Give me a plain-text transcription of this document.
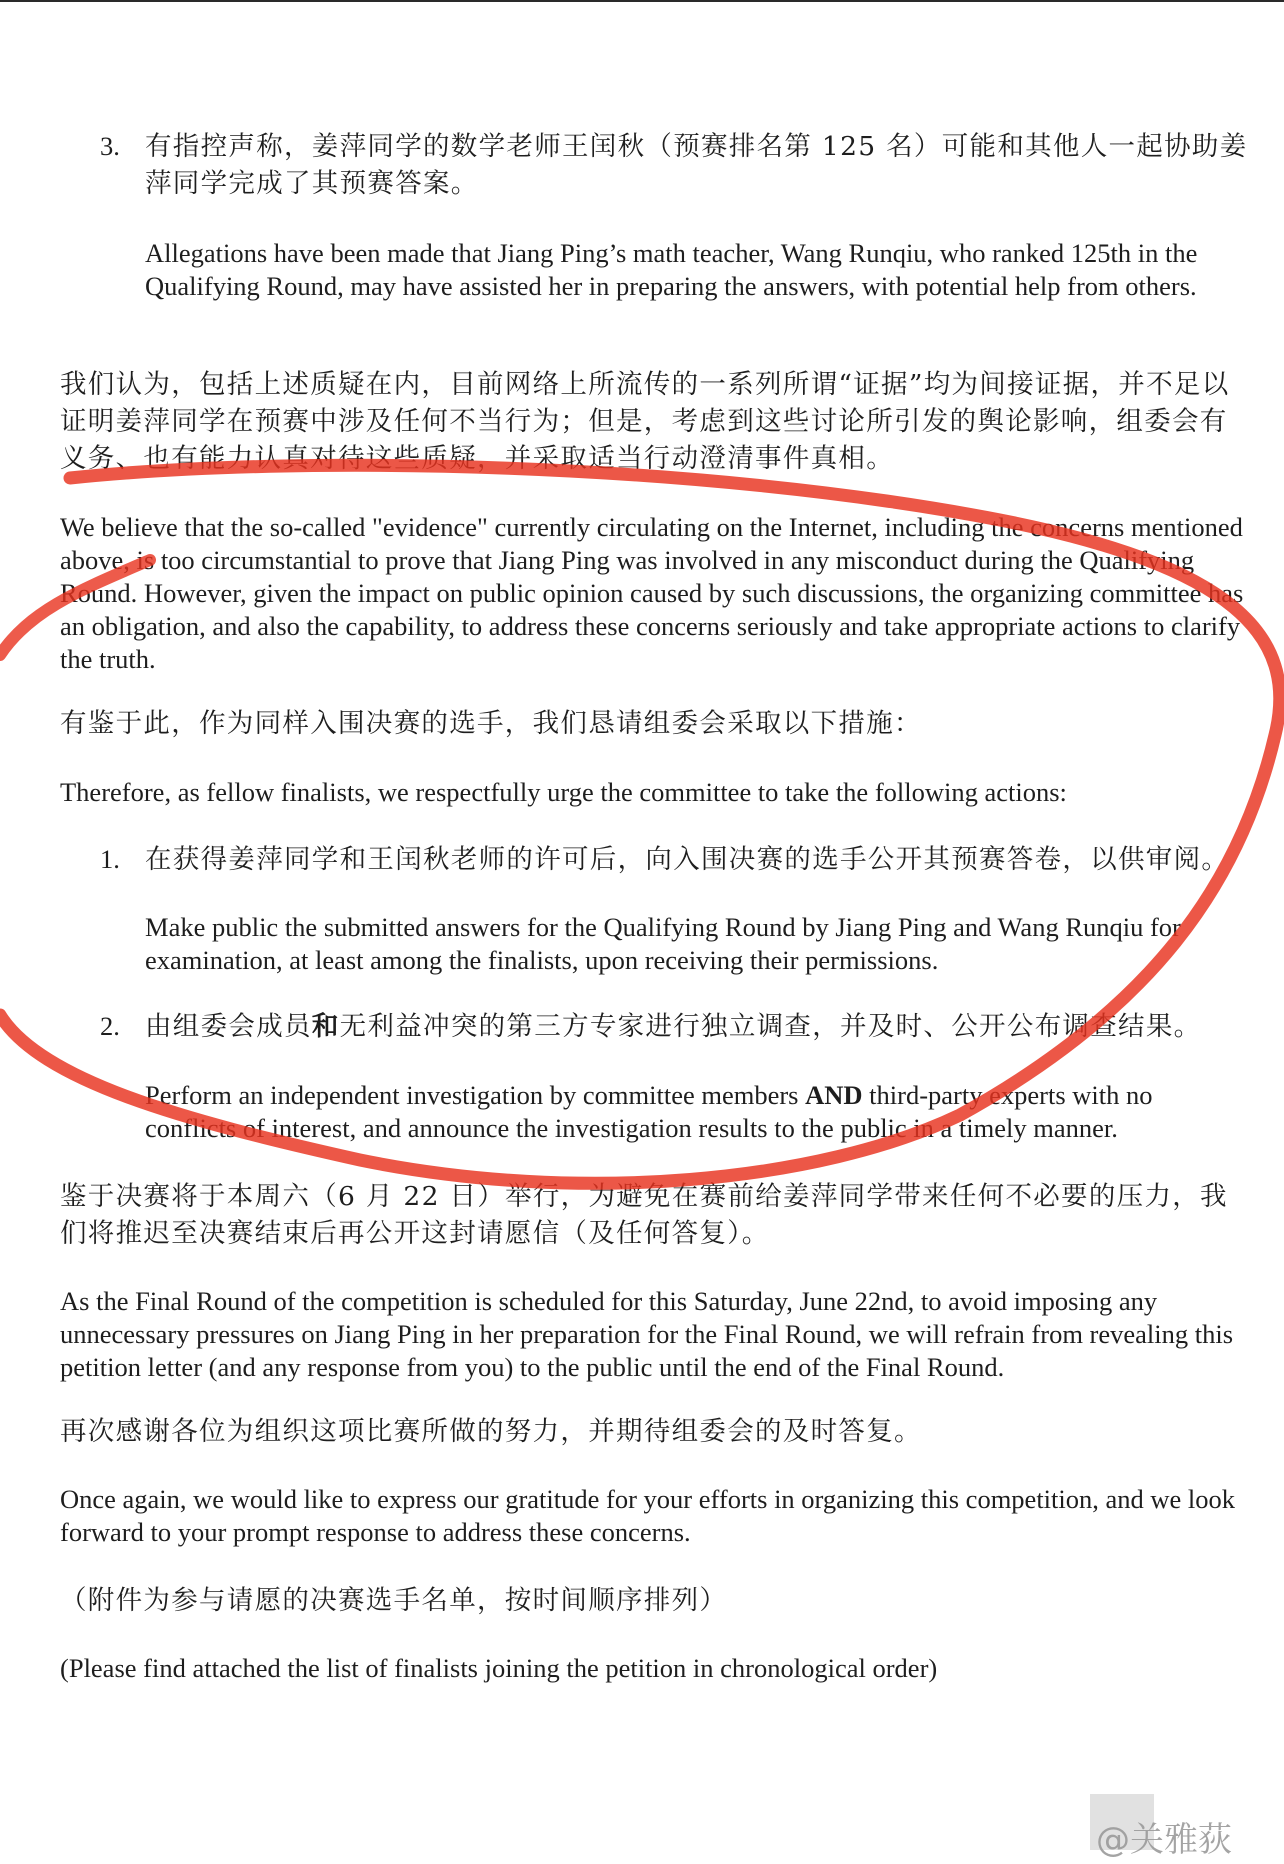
3. 有指控声称，姜萍同学的数学老师王闰秋（预赛排名第 125 名）可能和其他人一起协助姜萍同学完成了其预赛答案。

Allegations have been made that Jiang Ping’s math teacher, Wang Runqiu, who ranked 125th in the Qualifying Round, may have assisted her in preparing the answers, with potential help from others.

我们认为，包括上述质疑在内，目前网络上所流传的一系列所谓“证据”均为间接证据，并不足以证明姜萍同学在预赛中涉及任何不当行为；但是，考虑到这些讨论所引发的舆论影响，组委会有义务、也有能力认真对待这些质疑，并采取适当行动澄清事件真相。

We believe that the so-called "evidence" currently circulating on the Internet, including the concerns mentioned above, is too circumstantial to prove that Jiang Ping was involved in any misconduct during the Qualifying Round. However, given the impact on public opinion caused by such discussions, the organizing committee has an obligation, and also the capability, to address these concerns seriously and take appropriate actions to clarify the truth.

有鉴于此，作为同样入围决赛的选手，我们恳请组委会采取以下措施：

Therefore, as fellow finalists, we respectfully urge the committee to take the following actions:

1. 在获得姜萍同学和王闰秋老师的许可后，向入围决赛的选手公开其预赛答卷，以供审阅。

Make public the submitted answers for the Qualifying Round by Jiang Ping and Wang Runqiu for examination, at least among the finalists, upon receiving their permissions.

2. 由组委会成员和无利益冲突的第三方专家进行独立调查，并及时、公开公布调查结果。

Perform an independent investigation by committee members AND third-party experts with no conflicts of interest, and announce the investigation results to the public in a timely manner.

鉴于决赛将于本周六（6 月 22 日）举行，为避免在赛前给姜萍同学带来任何不必要的压力，我们将推迟至决赛结束后再公开这封请愿信（及任何答复）。

As the Final Round of the competition is scheduled for this Saturday, June 22nd, to avoid imposing any unnecessary pressures on Jiang Ping in her preparation for the Final Round, we will refrain from revealing this petition letter (and any response from you) to the public until the end of the Final Round.

再次感谢各位为组织这项比赛所做的努力，并期待组委会的及时答复。

Once again, we would like to express our gratitude for your efforts in organizing this competition, and we look forward to your prompt response to address these concerns.

（附件为参与请愿的决赛选手名单，按时间顺序排列）

(Please find attached the list of finalists joining the petition in chronological order)

@关雅荻
